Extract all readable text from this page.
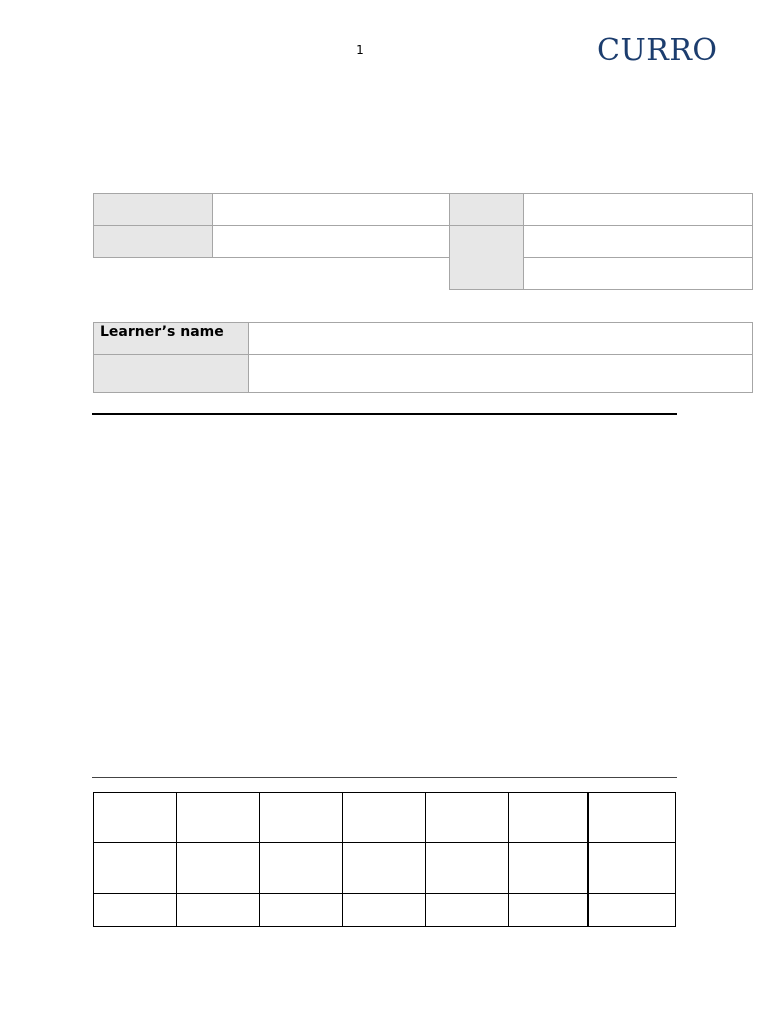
1	CURRO

Learner’s name	
